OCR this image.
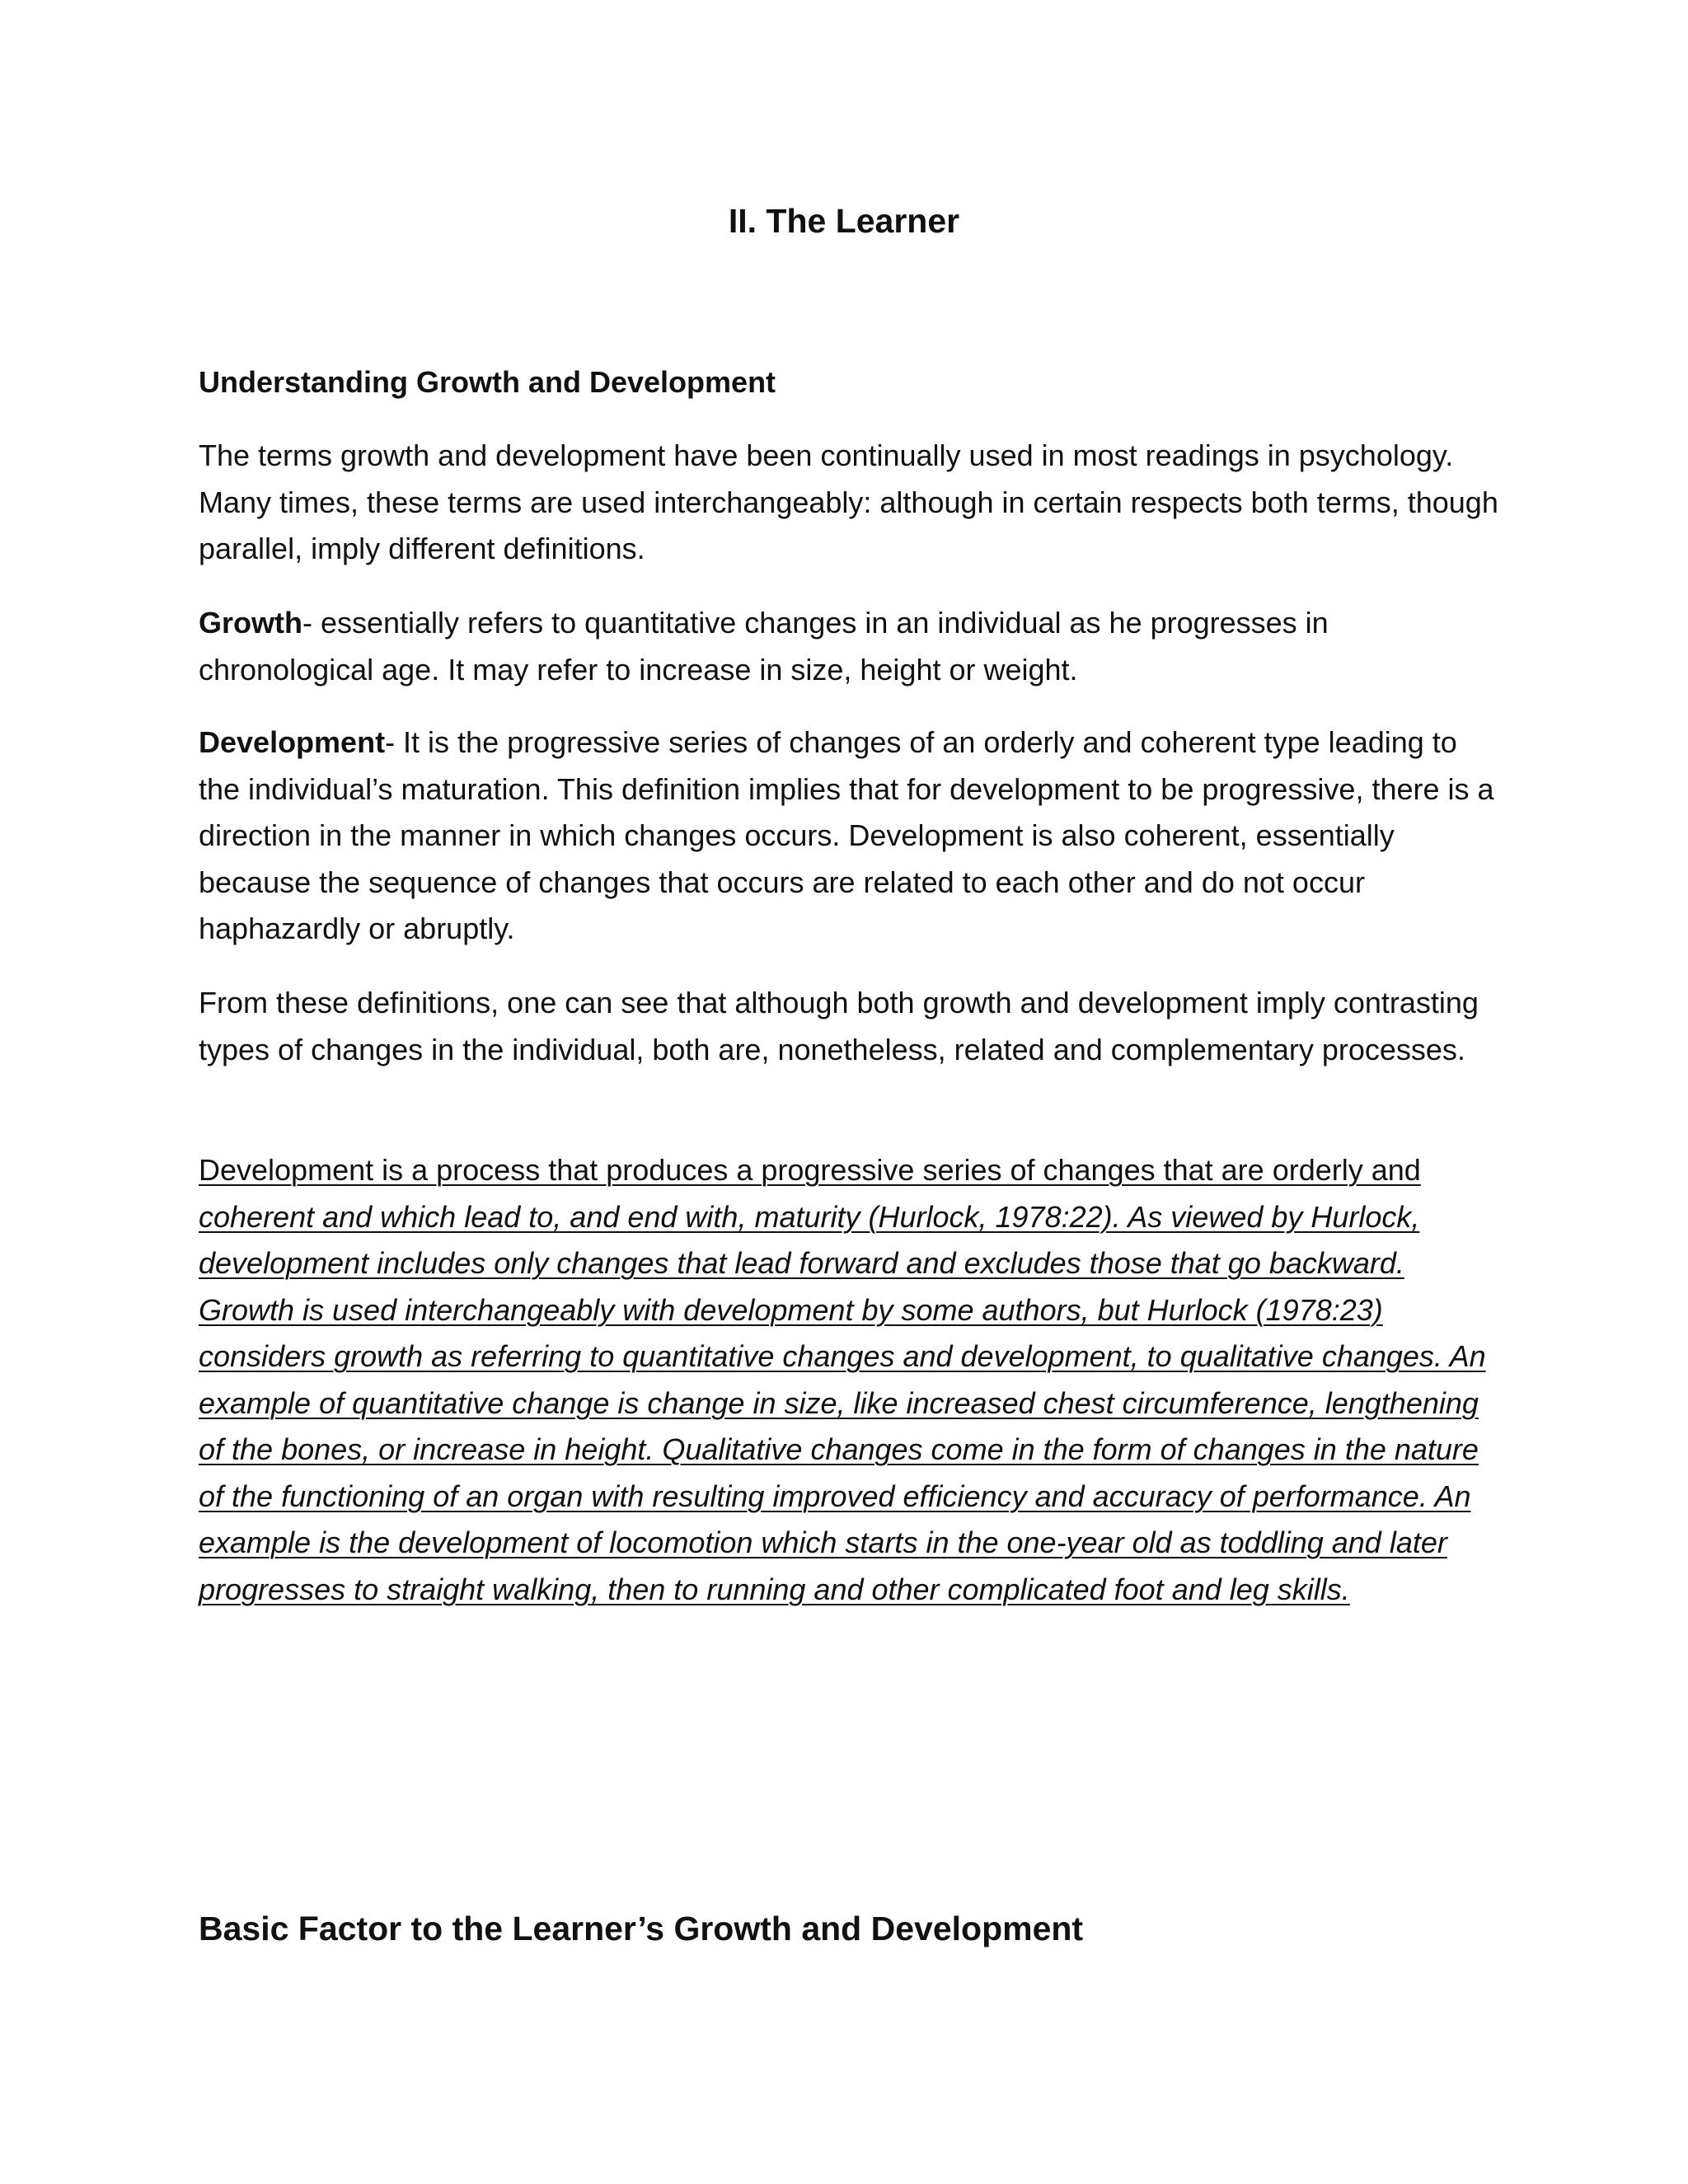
II. The Learner
Understanding Growth and Development

The terms growth and development have been continually used in most readings in psychology. Many times, these terms are used interchangeably: although in certain respects both terms, though parallel, imply different definitions.

Growth- essentially refers to quantitative changes in an individual as he progresses in chronological age. It may refer to increase in size, height or weight.

Development- It is the progressive series of changes of an orderly and coherent type leading to the individual’s maturation. This definition implies that for development to be progressive, there is a direction in the manner in which changes occurs. Development is also coherent, essentially because the sequence of changes that occurs are related to each other and do not occur haphazardly or abruptly.

From these definitions, one can see that although both growth and development imply contrasting types of changes in the individual, both are, nonetheless, related and complementary processes.

Development is a process that produces a progressive series of changes that are orderly and coherent and which lead to, and end with, maturity (Hurlock, 1978:22). As viewed by Hurlock, development includes only changes that lead forward and excludes those that go backward. Growth is used interchangeably with development by some authors, but Hurlock (1978:23) considers growth as referring to quantitative changes and development, to qualitative changes. An example of quantitative change is change in size, like increased chest circumference, lengthening of the bones, or increase in height. Qualitative changes come in the form of changes in the nature of the functioning of an organ with resulting improved efficiency and accuracy of performance. An example is the development of locomotion which starts in the one-year old as toddling and later progresses to straight walking, then to running and other complicated foot and leg skills.

Basic Factor to the Learner’s Growth and Development
